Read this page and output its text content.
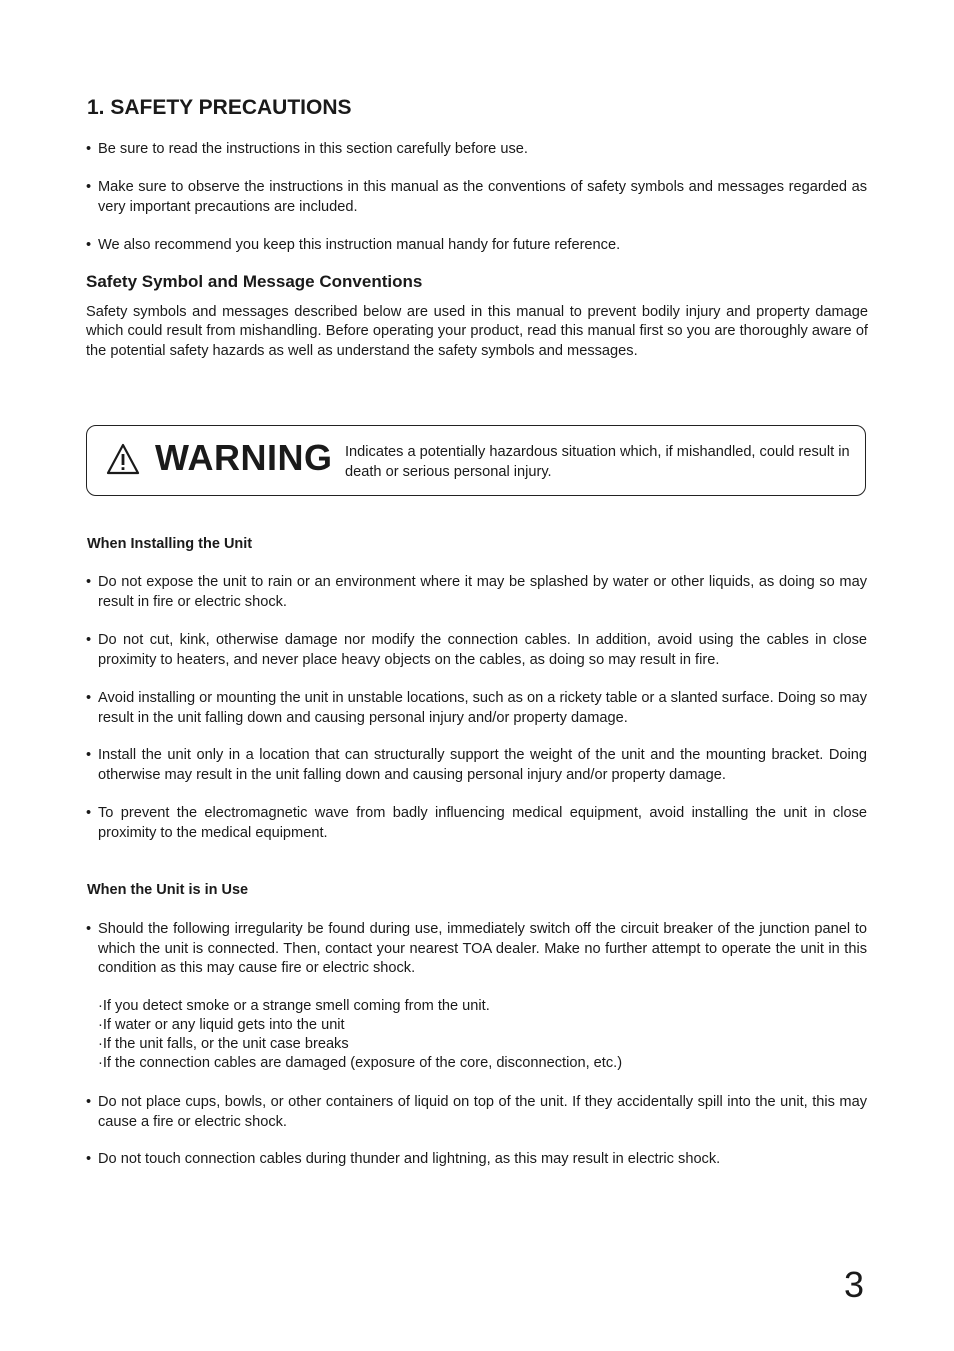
1. SAFETY PRECAUTIONS

• Be sure to read the instructions in this section carefully before use.

• Make sure to observe the instructions in this manual as the conventions of safety symbols and messages regarded as very important precautions are included.

• We also recommend you keep this instruction manual handy for future reference.

Safety Symbol and Message Conventions

Safety symbols and messages described below are used in this manual to prevent bodily injury and property damage which could result from mishandling. Before operating your product, read this manual first so you are thoroughly aware of the potential safety hazards as well as understand the safety symbols and messages.

WARNING Indicates a potentially hazardous situation which, if mishandled, could result in death or serious personal injury.

When Installing the Unit

• Do not expose the unit to rain or an environment where it may be splashed by water or other liquids, as doing so may result in fire or electric shock.

• Do not cut, kink, otherwise damage nor modify the connection cables. In addition, avoid using the cables in close proximity to heaters, and never place heavy objects on the cables, as doing so may result in fire.

• Avoid installing or mounting the unit in unstable locations, such as on a rickety table or a slanted surface. Doing so may result in the unit falling down and causing personal injury and/or property damage.

• Install the unit only in a location that can structurally support the weight of the unit and the mounting bracket. Doing otherwise may result in the unit falling down and causing personal injury and/or property damage.

• To prevent the electromagnetic wave from badly influencing medical equipment, avoid installing the unit in close proximity to the medical equipment.

When the Unit is in Use

• Should the following irregularity be found during use, immediately switch off the circuit breaker of the junction panel to which the unit is connected. Then, contact your nearest TOA dealer. Make no further attempt to operate the unit in this condition as this may cause fire or electric shock.

·If you detect smoke or a strange smell coming from the unit.

·If water or any liquid gets into the unit

·If the unit falls, or the unit case breaks

·If the connection cables are damaged (exposure of the core, disconnection, etc.)

• Do not place cups, bowls, or other containers of liquid on top of the unit. If they accidentally spill into the unit, this may cause a fire or electric shock.

• Do not touch connection cables during thunder and lightning, as this may result in electric shock.

3
